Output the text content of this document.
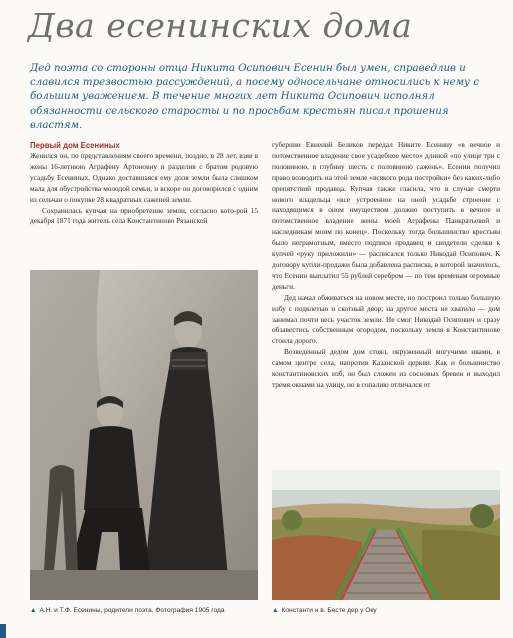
Два есенинских дома
Дед поэта со стороны отца Никита Осипович Есенин был умен, справедлив и славился трезвостью рассуждений, а посему односельчане относились к нему с большим уважением. В течение многих лет Никита Осипович исполнял обязанности сельского старосты и по просьбам крестьян писал прошения властям.
Первый дом Есениных

Женился он, по представлениям своего времени, поздно, в 28 лет, взяв в жены 16-летнюю Аграфену Артоновну и разделив с братом родовую усадьбу Есениных. Однако доставшаяся ему доля земли была слишком мала для обустройства молодой семьи, и вскоре он договорился с одним из сельчан о покупке 28 квадратных саженей земли.

Сохранилась купчая на приобретение земли, согласно кото-рой 15 декабря 1871 года житель села Константиново Рязанской

губернии Евнений Беликов передал Никите Есенину «в вечное и потомственное владение свое усадебное место» длиной «по улице три с половиною, в глубину шесть с половиною сажень». Есенин получил право возводить на этой земле «всякого рода постройки» без каких-либо препятствий продавца. Купчая также гласила, что в случае смерти нового владельца «все устроенное на оной усадьбе строение с находящимся в оном имуществом должно поступить в вечное и потомственное владение жены моей Аграфены Панкратьевой и наследникам моим по конец». Поскольку тогда большинство крестьян было неграмотным, вместо подписи продавец и свидетели сделки к купчей «руку приложили» — расписался только Никодай Осипович. К договору купли-продажи была добавлена расписка, в которой значилось, что Есенин выплатил 55 рублей серебром — по тем временам огромные деньги.

Дед начал обживаться на новом месте, но построил только большую избу с подклетью и скотный двор; на другое места не хватило — дом занимал почти весь участок земли. Не смог Никодай Осипович и сразу обзавестись собственным огородом, поскольку земля в Константинове стоила дорого.

Возведенный дедом дом стоял, окруженный могучими ивами, в самом центре села, напротив Казанской церкви. Как и большинство константиновских изб, он был сложен из сосновых бревен и выходил тремя окнами на улицу, но в сопалию отличался от

▲ А.Н. и Т.Ф. Есенины, родители поэта. Фотография 1905 года	▲ Константи н в. Бесте дер у Оку
